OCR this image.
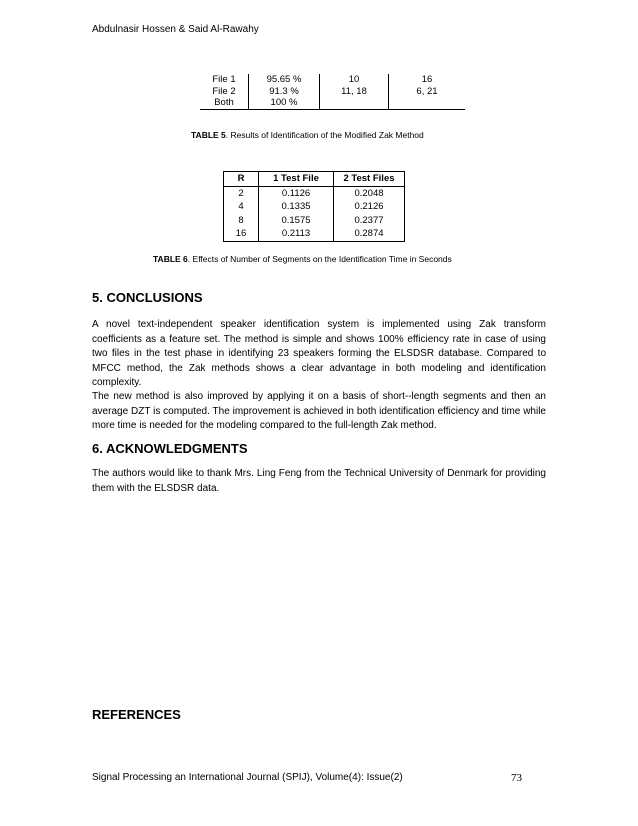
Abdulnasir Hossen & Said Al-Rawahy
File 1	95.65 %	10	16
File 2	91.3 %	11, 18	6, 21
Both	100 %		
TABLE 5. Results of Identification of the Modified Zak Method
R	1 Test File	2 Test Files
2	0.1126	0.2048
4	0.1335	0.2126
8	0.1575	0.2377
16	0.2113	0.2874
TABLE 6. Effects of Number of Segments on the Identification Time in Seconds
5. CONCLUSIONS

A novel text-independent speaker identification system is implemented using Zak transform coefficients as a feature set. The method is simple and shows 100% efficiency rate in case of using two files in the test phase in identifying 23 speakers forming the ELSDSR database. Compared to MFCC method, the Zak methods shows a clear advantage in both modeling and identification complexity.

The new method is also improved by applying it on a basis of short--length segments and then an average DZT is computed. The improvement is achieved in both identification efficiency and time while more time is needed for the modeling compared to the full-length Zak method.

6. ACKNOWLEDGMENTS

The authors would like to thank Mrs. Ling Feng from the Technical University of Denmark for providing them with the ELSDSR data.

REFERENCES
Signal Processing an International Journal (SPIJ), Volume(4): Issue(2)	73
